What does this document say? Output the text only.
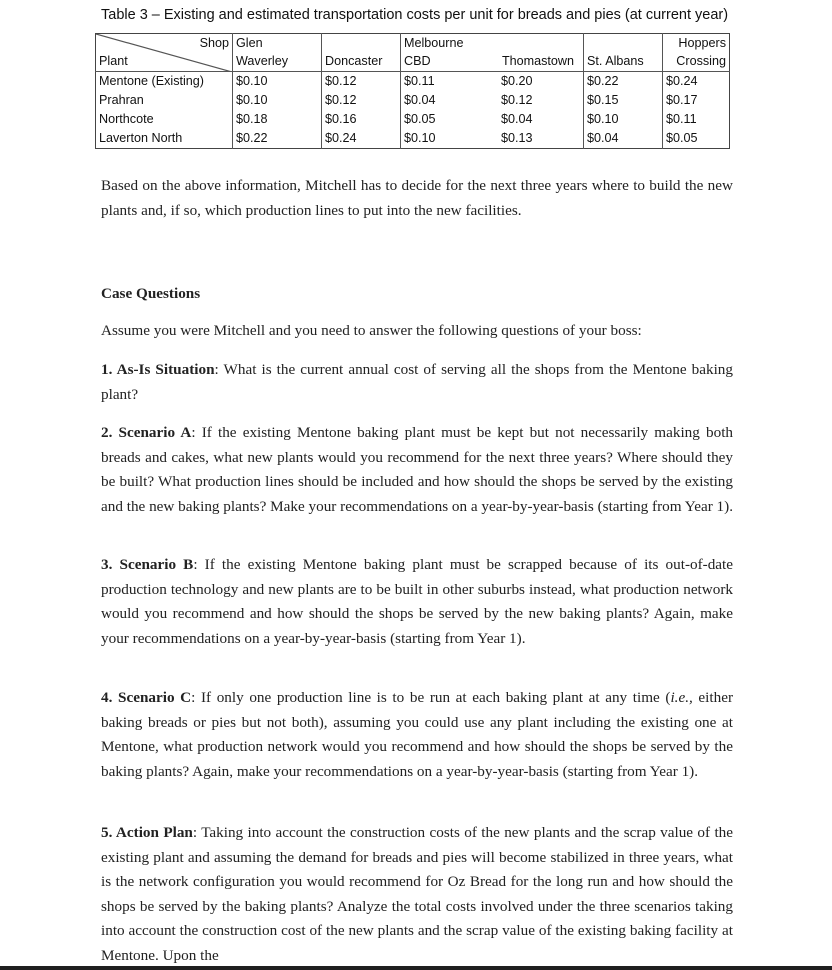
Table 3 – Existing and estimated transportation costs per unit for breads and pies (at current year)
Shop	Glen		Melbourne			Hoppers
Plant	Waverley	Doncaster	CBD	Thomastown	St. Albans	Crossing
Mentone (Existing)	$0.10	$0.12	$0.11	$0.20	$0.22	$0.24
Prahran	$0.10	$0.12	$0.04	$0.12	$0.15	$0.17
Northcote	$0.18	$0.16	$0.05	$0.04	$0.10	$0.11
Laverton North	$0.22	$0.24	$0.10	$0.13	$0.04	$0.05

Based on the above information, Mitchell has to decide for the next three years where to build the new plants and, if so, which production lines to put into the new facilities.

Case Questions

Assume you were Mitchell and you need to answer the following questions of your boss:

1. As-Is Situation: What is the current annual cost of serving all the shops from the Mentone baking plant?

2. Scenario A: If the existing Mentone baking plant must be kept but not necessarily making both breads and cakes, what new plants would you recommend for the next three years? Where should they be built? What production lines should be included and how should the shops be served by the existing and the new baking plants? Make your recommendations on a year-by-year-basis (starting from Year 1).

3. Scenario B: If the existing Mentone baking plant must be scrapped because of its out-of-date production technology and new plants are to be built in other suburbs instead, what production network would you recommend and how should the shops be served by the new baking plants? Again, make your recommendations on a year-by-year-basis (starting from Year 1).

4. Scenario C: If only one production line is to be run at each baking plant at any time (i.e., either baking breads or pies but not both), assuming you could use any plant including the existing one at Mentone, what production network would you recommend and how should the shops be served by the baking plants? Again, make your recommendations on a year-by-year-basis (starting from Year 1).

5. Action Plan: Taking into account the construction costs of the new plants and the scrap value of the existing plant and assuming the demand for breads and pies will become stabilized in three years, what is the network configuration you would recommend for Oz Bread for the long run and how should the shops be served by the baking plants? Analyze the total costs involved under the three scenarios taking into account the construction cost of the new plants and the scrap value of the existing baking facility at Mentone. Upon the
